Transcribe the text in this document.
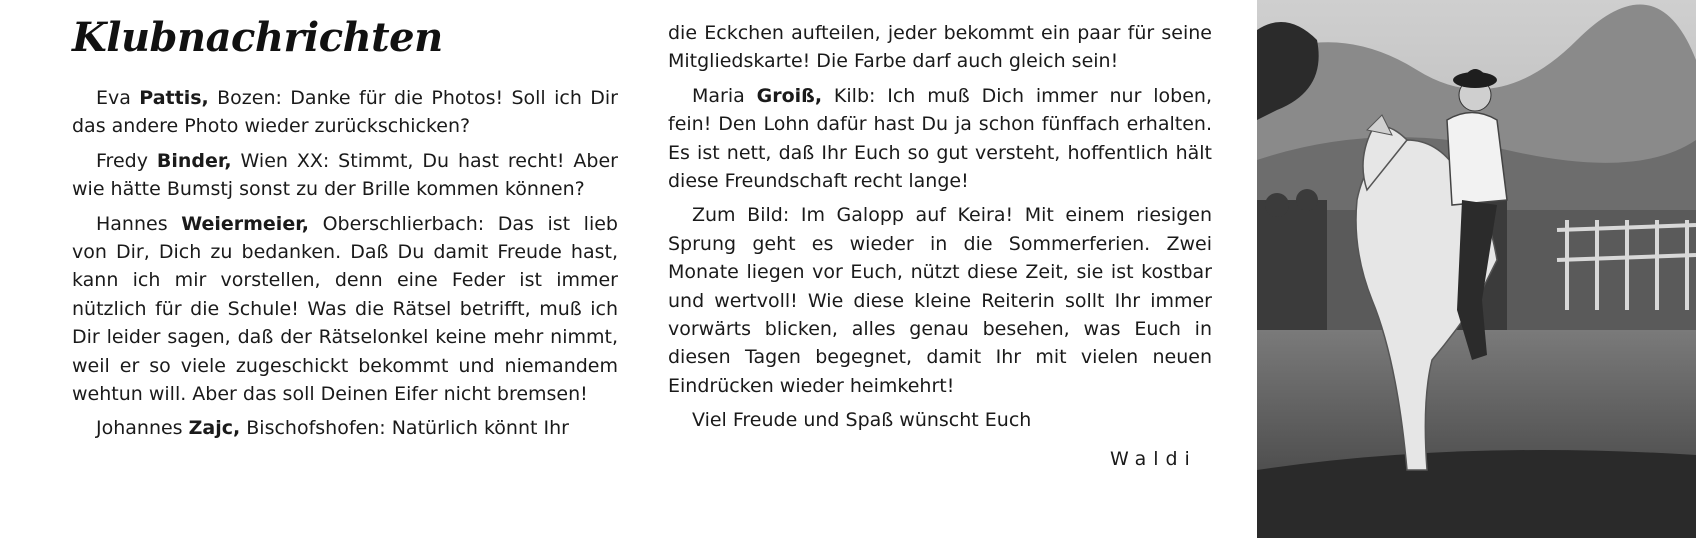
Klubnachrichten

Eva Pattis, Bozen: Danke für die Photos! Soll ich Dir das andere Photo wieder zurückschicken?

Fredy Binder, Wien XX: Stimmt, Du hast recht! Aber wie hätte Bumstj sonst zu der Brille kommen können?

Hannes Weiermeier, Oberschlierbach: Das ist lieb von Dir, Dich zu bedanken. Daß Du damit Freude hast, kann ich mir vorstellen, denn eine Feder ist immer nützlich für die Schule! Was die Rätsel betrifft, muß ich Dir leider sagen, daß der Rätselonkel keine mehr nimmt, weil er so viele zugeschickt bekommt und niemandem wehtun will. Aber das soll Deinen Eifer nicht bremsen!

Johannes Zajc, Bischofshofen: Natürlich könnt Ihr

die Eckchen aufteilen, jeder bekommt ein paar für seine Mitgliedskarte! Die Farbe darf auch gleich sein!

Maria Groiß, Kilb: Ich muß Dich immer nur loben, fein! Den Lohn dafür hast Du ja schon fünffach erhalten. Es ist nett, daß Ihr Euch so gut versteht, hoffentlich hält diese Freundschaft recht lange!

Zum Bild: Im Galopp auf Keira! Mit einem riesigen Sprung geht es wieder in die Sommerferien. Zwei Monate liegen vor Euch, nützt diese Zeit, sie ist kostbar und wertvoll! Wie diese kleine Reiterin sollt Ihr immer vorwärts blicken, alles genau besehen, was Euch in diesen Tagen begegnet, damit Ihr mit vielen neuen Eindrücken wieder heimkehrt!

Viel Freude und Spaß wünscht Euch

Waldi
